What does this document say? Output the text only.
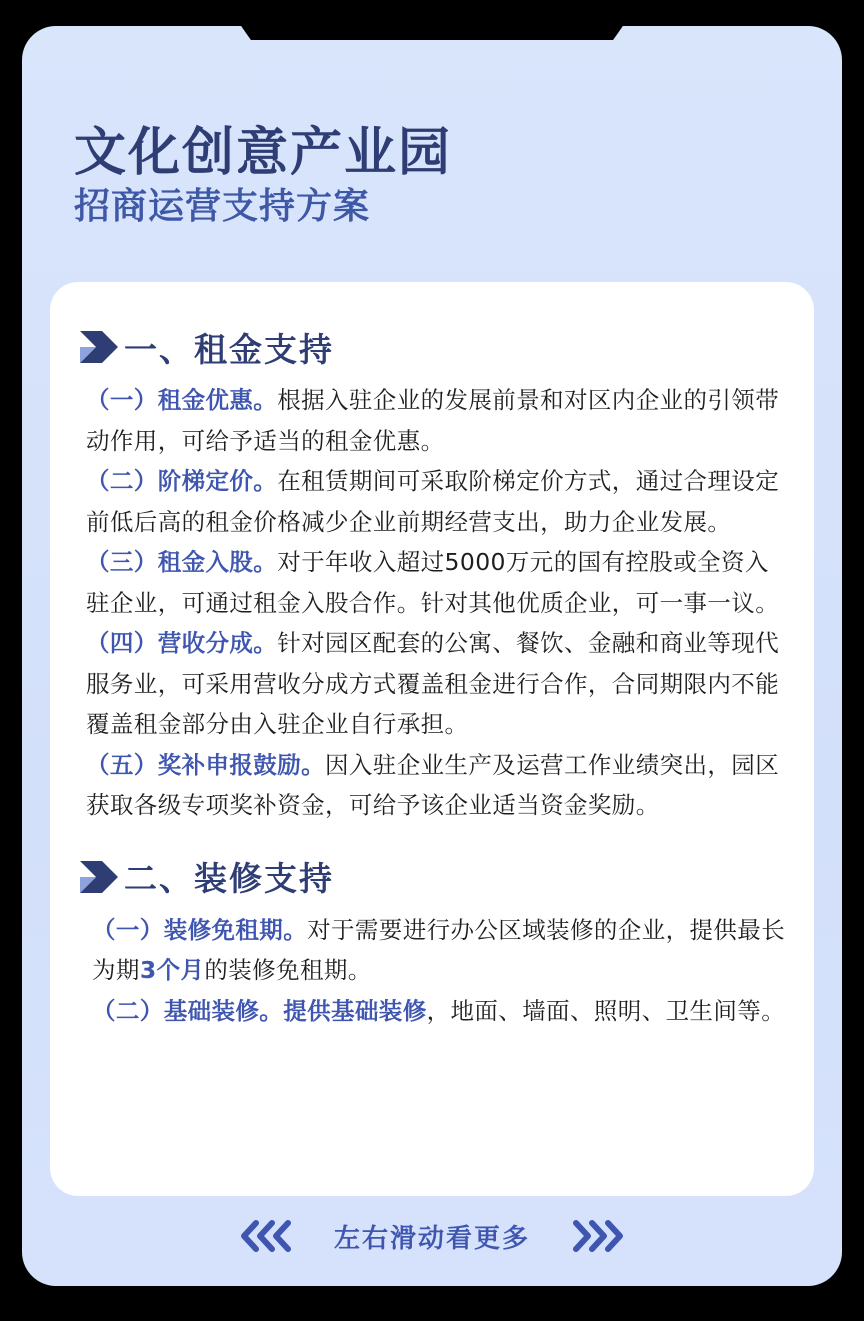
文化创意产业园
招商运营支持方案
一、租金支持

（一）租金优惠。根据入驻企业的发展前景和对区内企业的引领带动作用，可给予适当的租金优惠。

（二）阶梯定价。在租赁期间可采取阶梯定价方式，通过合理设定前低后高的租金价格减少企业前期经营支出，助力企业发展。

（三）租金入股。对于年收入超过5000万元的国有控股或全资入驻企业，可通过租金入股合作。针对其他优质企业，可一事一议。

（四）营收分成。针对园区配套的公寓、餐饮、金融和商业等现代服务业，可采用营收分成方式覆盖租金进行合作，合同期限内不能覆盖租金部分由入驻企业自行承担。

（五）奖补申报鼓励。因入驻企业生产及运营工作业绩突出，园区获取各级专项奖补资金，可给予该企业适当资金奖励。

二、装修支持

（一）装修免租期。对于需要进行办公区域装修的企业，提供最长为期3个月的装修免租期。

（二）基础装修。提供基础装修，地面、墙面、照明、卫生间等。

左右滑动看更多
